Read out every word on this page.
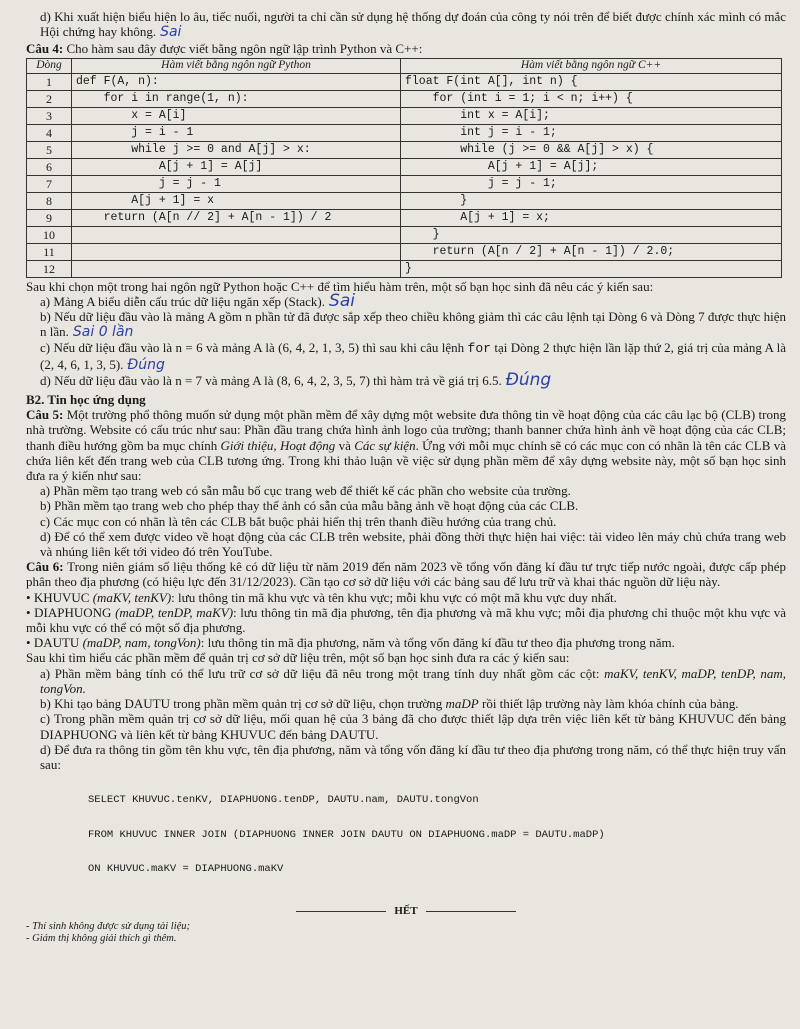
d) Khi xuất hiện biểu hiện lo âu, tiếc nuối, người ta chỉ cần sử dụng hệ thống dự đoán của công ty nói trên để biết được chính xác mình có mắc Hội chứng hay không. Sai

Câu 4: Cho hàm sau đây được viết bằng ngôn ngữ lập trình Python và C++:

Dòng	Hàm viết bằng ngôn ngữ Python	Hàm viết bằng ngôn ngữ C++
1	def F(A, n):	float F(int A[], int n) {
2	for i in range(1, n):	for (int i = 1; i < n; i++) {
3	x = A[i]	int x = A[i];
4	j = i - 1	int j = i - 1;
5	while j >= 0 and A[j] > x:	while (j >= 0 && A[j] > x) {
6	A[j + 1] = A[j]	A[j + 1] = A[j];
7	j = j - 1	j = j - 1;
8	A[j + 1] = x	}
9	return (A[n // 2] + A[n - 1]) / 2	A[j + 1] = x;
10		}
11		return (A[n / 2] + A[n - 1]) / 2.0;
12		}

Sau khi chọn một trong hai ngôn ngữ Python hoặc C++ để tìm hiểu hàm trên, một số bạn học sinh đã nêu các ý kiến sau:

a) Mảng A biểu diễn cấu trúc dữ liệu ngăn xếp (Stack). Sai

b) Nếu dữ liệu đầu vào là mảng A gồm n phần tử đã được sắp xếp theo chiều không giảm thì các câu lệnh tại Dòng 6 và Dòng 7 được thực hiện n lần. Sai 0 lần

c) Nếu dữ liệu đầu vào là n = 6 và mảng A là (6, 4, 2, 1, 3, 5) thì sau khi câu lệnh for tại Dòng 2 thực hiện lần lặp thứ 2, giá trị của mảng A là (2, 4, 6, 1, 3, 5). Đúng

d) Nếu dữ liệu đầu vào là n = 7 và mảng A là (8, 6, 4, 2, 3, 5, 7) thì hàm trả về giá trị 6.5. Đúng

B2. Tin học ứng dụng

Câu 5: Một trường phổ thông muốn sử dụng một phần mềm để xây dựng một website đưa thông tin về hoạt động của các câu lạc bộ (CLB) trong nhà trường. Website có cấu trúc như sau: Phần đầu trang chứa hình ảnh logo của trường; thanh banner chứa hình ảnh về hoạt động của các CLB; thanh điều hướng gồm ba mục chính Giới thiệu, Hoạt động và Các sự kiện. Ứng với mỗi mục chính sẽ có các mục con có nhãn là tên các CLB và chứa liên kết đến trang web của CLB tương ứng. Trong khi thảo luận về việc sử dụng phần mềm để xây dựng website này, một số bạn học sinh đưa ra ý kiến như sau:

a) Phần mềm tạo trang web có sẵn mẫu bố cục trang web để thiết kế các phần cho website của trường.

b) Phần mềm tạo trang web cho phép thay thế ảnh có sẵn của mẫu bằng ảnh về hoạt động của các CLB.

c) Các mục con có nhãn là tên các CLB bắt buộc phải hiển thị trên thanh điều hướng của trang chủ.

d) Để có thể xem được video về hoạt động của các CLB trên website, phải đồng thời thực hiện hai việc: tải video lên máy chủ chứa trang web và nhúng liên kết tới video đó trên YouTube.

Câu 6: Trong niên giám số liệu thống kê có dữ liệu từ năm 2019 đến năm 2023 về tổng vốn đăng kí đầu tư trực tiếp nước ngoài, được cấp phép phân theo địa phương (có hiệu lực đến 31/12/2023). Cần tạo cơ sở dữ liệu với các bảng sau để lưu trữ và khai thác nguồn dữ liệu này.

• KHUVUC (maKV, tenKV): lưu thông tin mã khu vực và tên khu vực; mỗi khu vực có một mã khu vực duy nhất.

• DIAPHUONG (maDP, tenDP, maKV): lưu thông tin mã địa phương, tên địa phương và mã khu vực; mỗi địa phương chỉ thuộc một khu vực và mỗi khu vực có thể có một số địa phương.

• DAUTU (maDP, nam, tongVon): lưu thông tin mã địa phương, năm và tổng vốn đăng kí đầu tư theo địa phương trong năm.

Sau khi tìm hiểu các phần mềm để quản trị cơ sở dữ liệu trên, một số bạn học sinh đưa ra các ý kiến sau:

a) Phần mềm bảng tính có thể lưu trữ cơ sở dữ liệu đã nêu trong một trang tính duy nhất gồm các cột: maKV, tenKV, maDP, tenDP, nam, tongVon.

b) Khi tạo bảng DAUTU trong phần mềm quản trị cơ sở dữ liệu, chọn trường maDP rồi thiết lập trường này làm khóa chính của bảng.

c) Trong phần mềm quản trị cơ sở dữ liệu, mối quan hệ của 3 bảng đã cho được thiết lập dựa trên việc liên kết từ bảng KHUVUC đến bảng DIAPHUONG và liên kết từ bảng KHUVUC đến bảng DAUTU.

d) Để đưa ra thông tin gồm tên khu vực, tên địa phương, năm và tổng vốn đăng kí đầu tư theo địa phương trong năm, có thể thực hiện truy vấn sau:

SELECT KHUVUC.tenKV, DIAPHUONG.tenDP, DAUTU.nam, DAUTU.tongVon

FROM KHUVUC INNER JOIN (DIAPHUONG INNER JOIN DAUTU ON DIAPHUONG.maDP = DAUTU.maDP)

ON KHUVUC.maKV = DIAPHUONG.maKV

HẾT
- Thí sinh không được sử dụng tài liệu;
- Giám thị không giải thích gì thêm.
